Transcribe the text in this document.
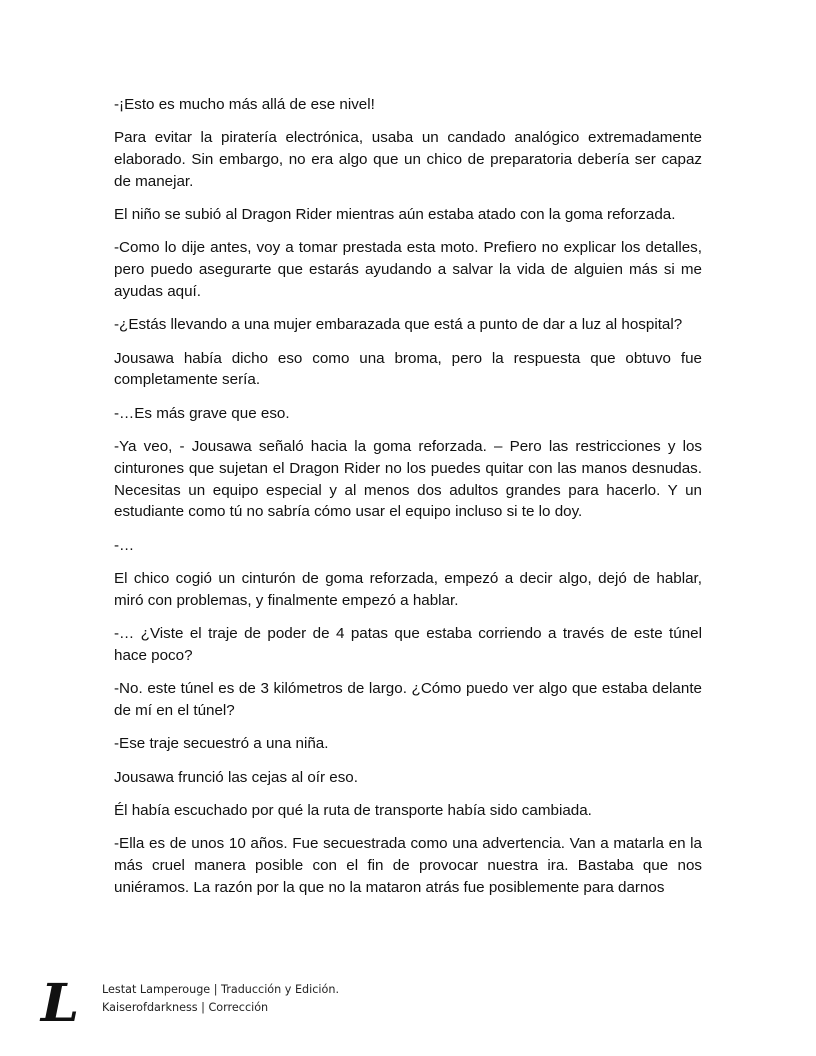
-¡Esto es mucho más allá de ese nivel!

Para evitar la piratería electrónica, usaba un candado analógico extremadamente elaborado. Sin embargo, no era algo que un chico de preparatoria debería ser capaz de manejar.

El niño se subió al Dragon Rider mientras aún estaba atado con la goma reforzada.

-Como lo dije antes, voy a tomar prestada esta moto. Prefiero no explicar los detalles, pero puedo asegurarte que estarás ayudando a salvar la vida de alguien más si me ayudas aquí.

-¿Estás llevando a una mujer embarazada que está a punto de dar a luz al hospital?

Jousawa había dicho eso como una broma, pero la respuesta que obtuvo fue completamente sería.

-…Es más grave que eso.

-Ya veo, - Jousawa señaló hacia la goma reforzada. – Pero las restricciones y los cinturones que sujetan el Dragon Rider no los puedes quitar con las manos desnudas. Necesitas un equipo especial y al menos dos adultos grandes para hacerlo. Y un estudiante como tú no sabría cómo usar el equipo incluso si te lo doy.

-…

El chico cogió un cinturón de goma reforzada, empezó a decir algo, dejó de hablar, miró con problemas, y finalmente empezó a hablar.

-… ¿Viste el traje de poder de 4 patas que estaba corriendo a través de este túnel hace poco?

-No. este túnel es de 3 kilómetros de largo. ¿Cómo puedo ver algo que estaba delante de mí en el túnel?

-Ese traje secuestró a una niña.

Jousawa frunció las cejas al oír eso.

Él había escuchado por qué la ruta de transporte había sido cambiada.

-Ella es de unos 10 años. Fue secuestrada como una advertencia. Van a matarla en la más cruel manera posible con el fin de provocar nuestra ira. Bastaba que nos uniéramos. La razón por la que no la mataron atrás fue posiblemente para darnos

L	Lestat Lamperouge | Traducción y Edición.
Kaiserofdarkness | Corrección
